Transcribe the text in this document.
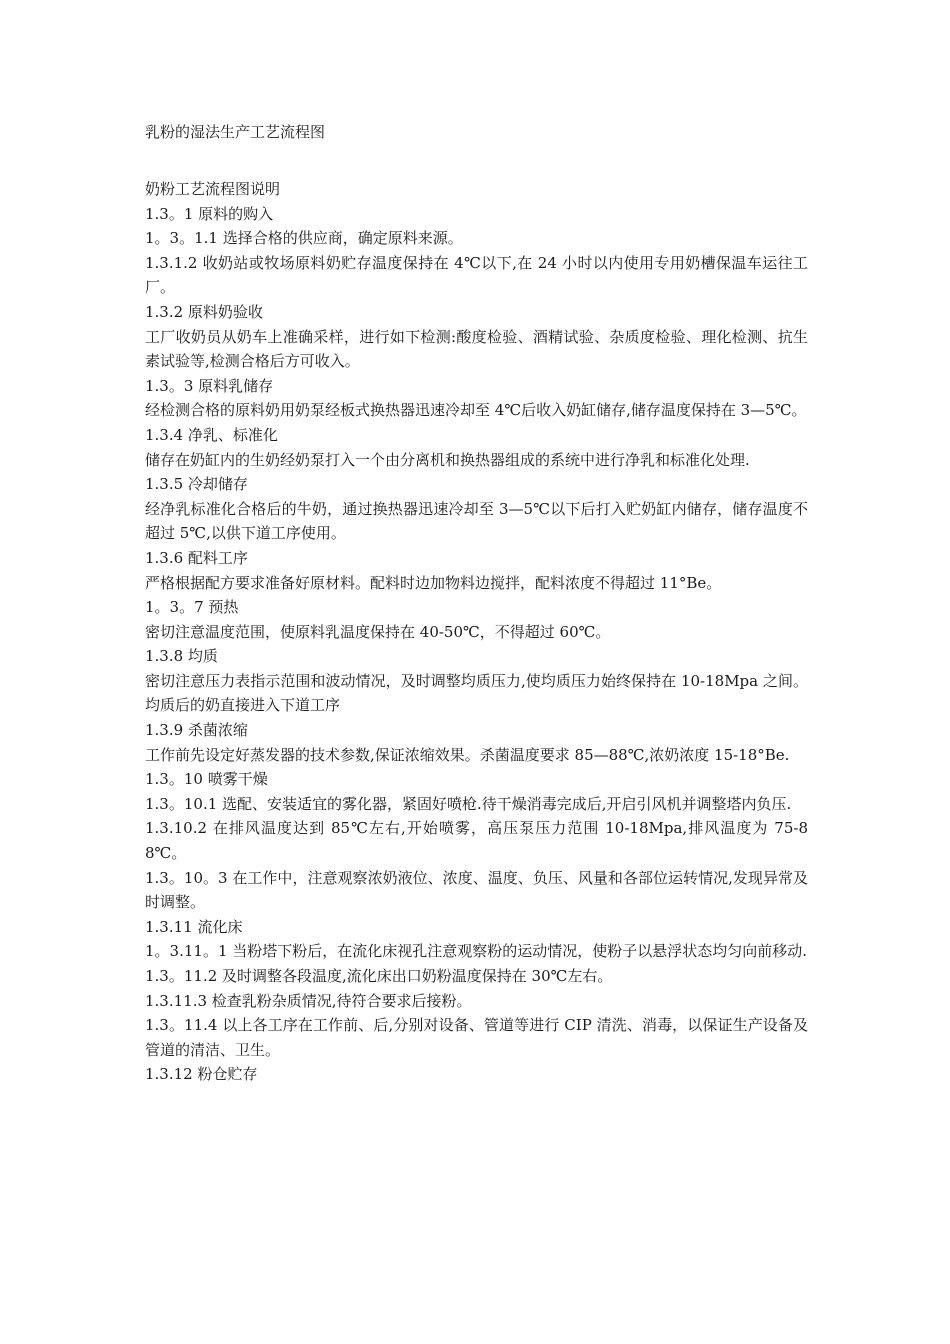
乳粉的湿法生产工艺流程图

奶粉工艺流程图说明

1.3。1 原料的购入

1。3。1.1 选择合格的供应商，确定原料来源。

1.3.1.2 收奶站或牧场原料奶贮存温度保持在 4℃以下,在 24 小时以内使用专用奶槽保温车运往工厂。

1.3.2 原料奶验收

工厂收奶员从奶车上准确采样，进行如下检测:酸度检验、酒精试验、杂质度检验、理化检测、抗生素试验等,检测合格后方可收入。

1.3。3 原料乳储存

经检测合格的原料奶用奶泵经板式换热器迅速冷却至 4℃后收入奶缸储存,储存温度保持在 3—5℃。

1.3.4 净乳、标准化

储存在奶缸内的生奶经奶泵打入一个由分离机和换热器组成的系统中进行净乳和标准化处理.

1.3.5 冷却储存

经净乳标准化合格后的牛奶，通过换热器迅速冷却至 3—5℃以下后打入贮奶缸内储存，储存温度不超过 5℃,以供下道工序使用。

1.3.6 配料工序

严格根据配方要求准备好原材料。配料时边加物料边搅拌，配料浓度不得超过 11°Be。

1。3。7 预热

密切注意温度范围，使原料乳温度保持在 40-50℃，不得超过 60℃。

1.3.8 均质

密切注意压力表指示范围和波动情况，及时调整均质压力,使均质压力始终保持在 10-18Mpa 之间。均质后的奶直接进入下道工序

1.3.9 杀菌浓缩

工作前先设定好蒸发器的技术参数,保证浓缩效果。杀菌温度要求 85—88℃,浓奶浓度 15-18°Be.

1.3。10 喷雾干燥

1.3。10.1 选配、安装适宜的雾化器，紧固好喷枪.待干燥消毒完成后,开启引风机并调整塔内负压.

1.3.10.2 在排风温度达到 85℃左右,开始喷雾，高压泵压力范围 10-18Mpa,排风温度为 75-88℃。

1.3。10。3 在工作中，注意观察浓奶液位、浓度、温度、负压、风量和各部位运转情况,发现异常及时调整。

1.3.11 流化床

1。3.11。1 当粉塔下粉后，在流化床视孔注意观察粉的运动情况，使粉子以悬浮状态均匀向前移动.

1.3。11.2 及时调整各段温度,流化床出口奶粉温度保持在 30℃左右。

1.3.11.3 检查乳粉杂质情况,待符合要求后接粉。

1.3。11.4 以上各工序在工作前、后,分别对设备、管道等进行 CIP 清洗、消毒，以保证生产设备及管道的清洁、卫生。

1.3.12 粉仓贮存
